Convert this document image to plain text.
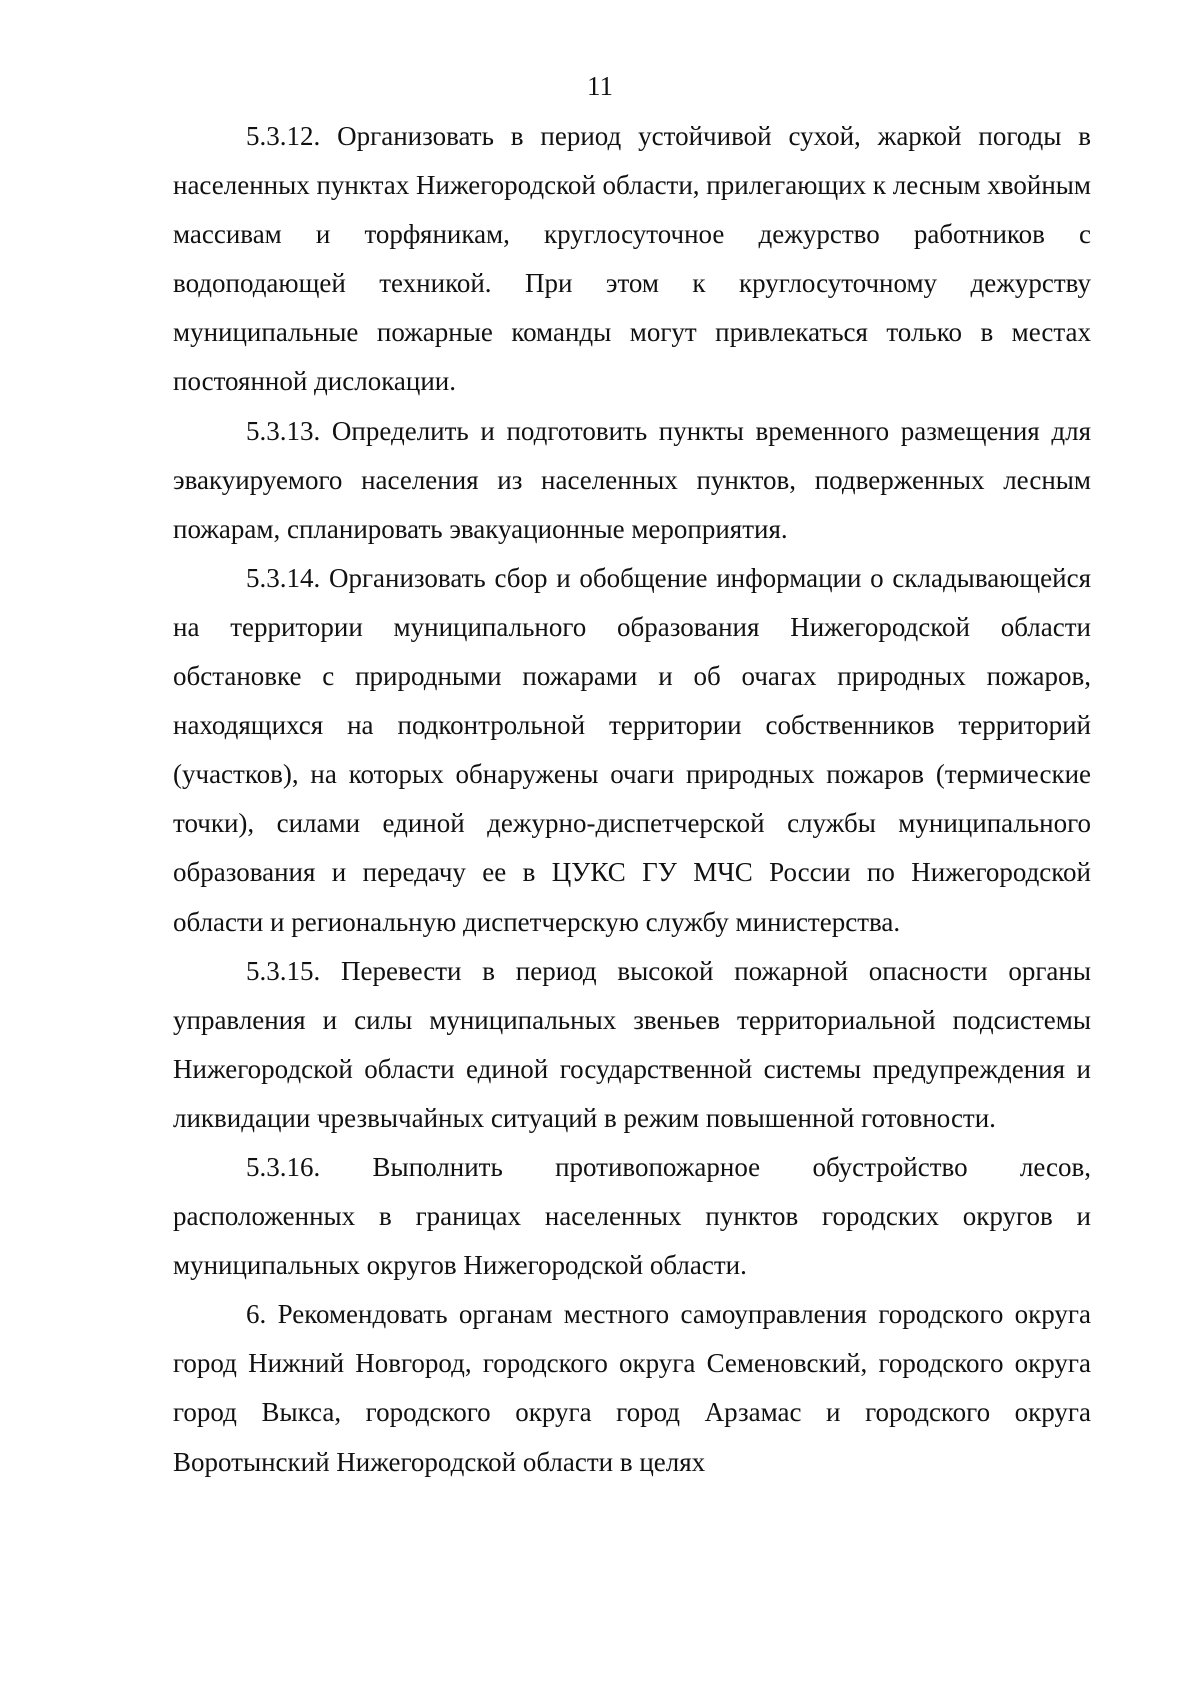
11

5.3.12. Организовать в период устойчивой сухой, жаркой погоды в населенных пунктах Нижегородской области, прилегающих к лесным хвойным массивам и торфяникам, круглосуточное дежурство работников с водоподающей техникой. При этом к круглосуточному дежурству муниципальные пожарные команды могут привлекаться только в местах постоянной дислокации.

5.3.13. Определить и подготовить пункты временного размещения для эвакуируемого населения из населенных пунктов, подверженных лесным пожарам, спланировать эвакуационные мероприятия.

5.3.14. Организовать сбор и обобщение информации о складывающейся на территории муниципального образования Нижегородской области обстановке с природными пожарами и об очагах природных пожаров, находящихся на подконтрольной территории собственников территорий (участков), на которых обнаружены очаги природных пожаров (термические точки), силами единой дежурно-диспетчерской службы муниципального образования и передачу ее в ЦУКС ГУ МЧС России по Нижегородской области и региональную диспетчерскую службу министерства.

5.3.15. Перевести в период высокой пожарной опасности органы управления и силы муниципальных звеньев территориальной подсистемы Нижегородской области единой государственной системы предупреждения и ликвидации чрезвычайных ситуаций в режим повышенной готовности.

5.3.16. Выполнить противопожарное обустройство лесов, расположенных в границах населенных пунктов городских округов и муниципальных округов Нижегородской области.

6. Рекомендовать органам местного самоуправления городского округа город Нижний Новгород, городского округа Семеновский, городского округа город Выкса, городского округа город Арзамас и городского округа Воротынский Нижегородской области в целях
